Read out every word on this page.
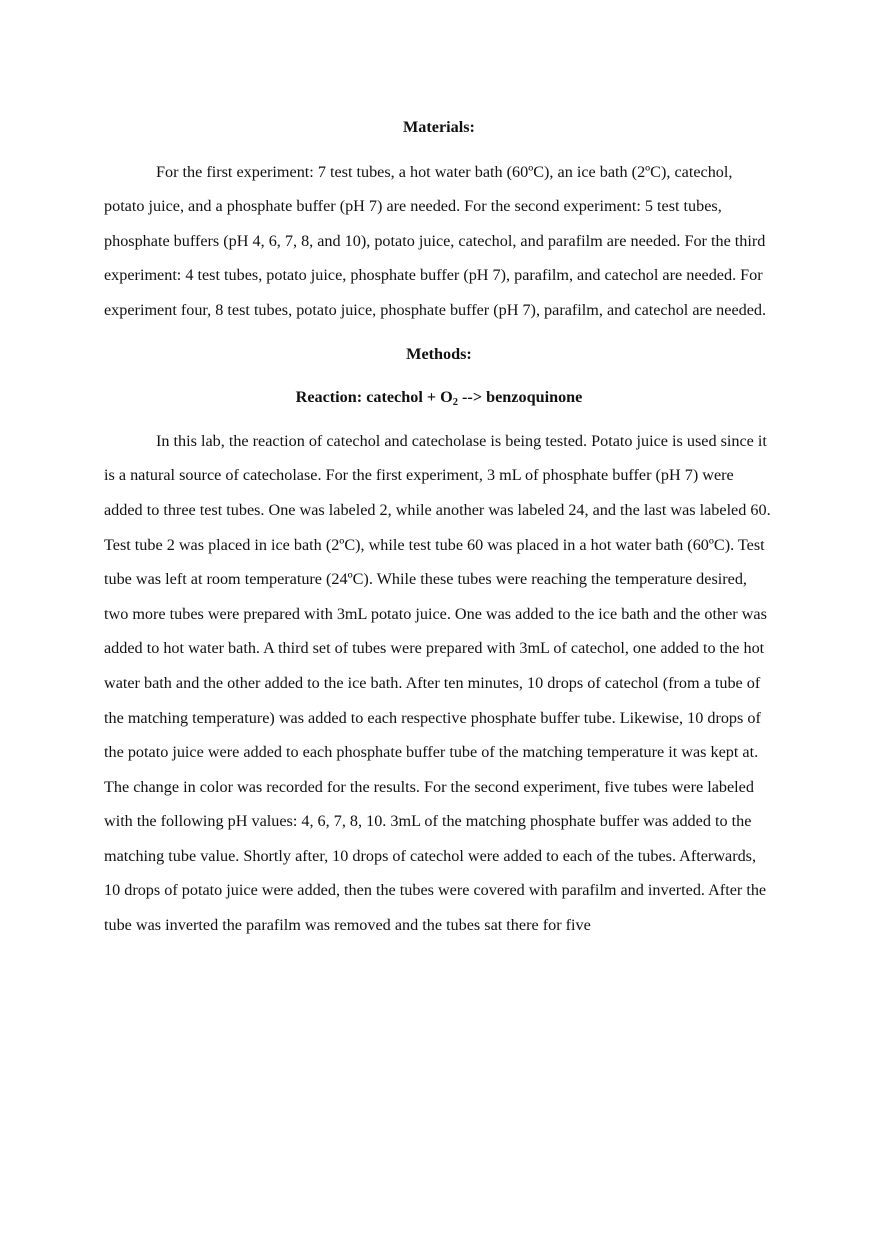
Materials:

For the first experiment: 7 test tubes, a hot water bath (60ºC), an ice bath (2ºC), catechol, potato juice, and a phosphate buffer (pH 7) are needed. For the second experiment: 5 test tubes, phosphate buffers (pH 4, 6, 7, 8, and 10), potato juice, catechol, and parafilm are needed. For the third experiment: 4 test tubes, potato juice, phosphate buffer (pH 7), parafilm, and catechol are needed. For experiment four, 8 test tubes, potato juice, phosphate buffer (pH 7), parafilm, and catechol are needed.

Methods:
Reaction: catechol + $O_2$ --> benzoquinone

In this lab, the reaction of catechol and catecholase is being tested. Potato juice is used since it is a natural source of catecholase. For the first experiment, 3 mL of phosphate buffer (pH 7) were added to three test tubes. One was labeled 2, while another was labeled 24, and the last was labeled 60. Test tube 2 was placed in ice bath (2ºC), while test tube 60 was placed in a hot water bath (60ºC). Test tube was left at room temperature (24ºC). While these tubes were reaching the temperature desired, two more tubes were prepared with 3mL potato juice. One was added to the ice bath and the other was added to hot water bath. A third set of tubes were prepared with 3mL of catechol, one added to the hot water bath and the other added to the ice bath. After ten minutes, 10 drops of catechol (from a tube of the matching temperature) was added to each respective phosphate buffer tube. Likewise, 10 drops of the potato juice were added to each phosphate buffer tube of the matching temperature it was kept at. The change in color was recorded for the results. For the second experiment, five tubes were labeled with the following pH values: 4, 6, 7, 8, 10. 3mL of the matching phosphate buffer was added to the matching tube value. Shortly after, 10 drops of catechol were added to each of the tubes. Afterwards, 10 drops of potato juice were added, then the tubes were covered with parafilm and inverted. After the tube was inverted the parafilm was removed and the tubes sat there for five
